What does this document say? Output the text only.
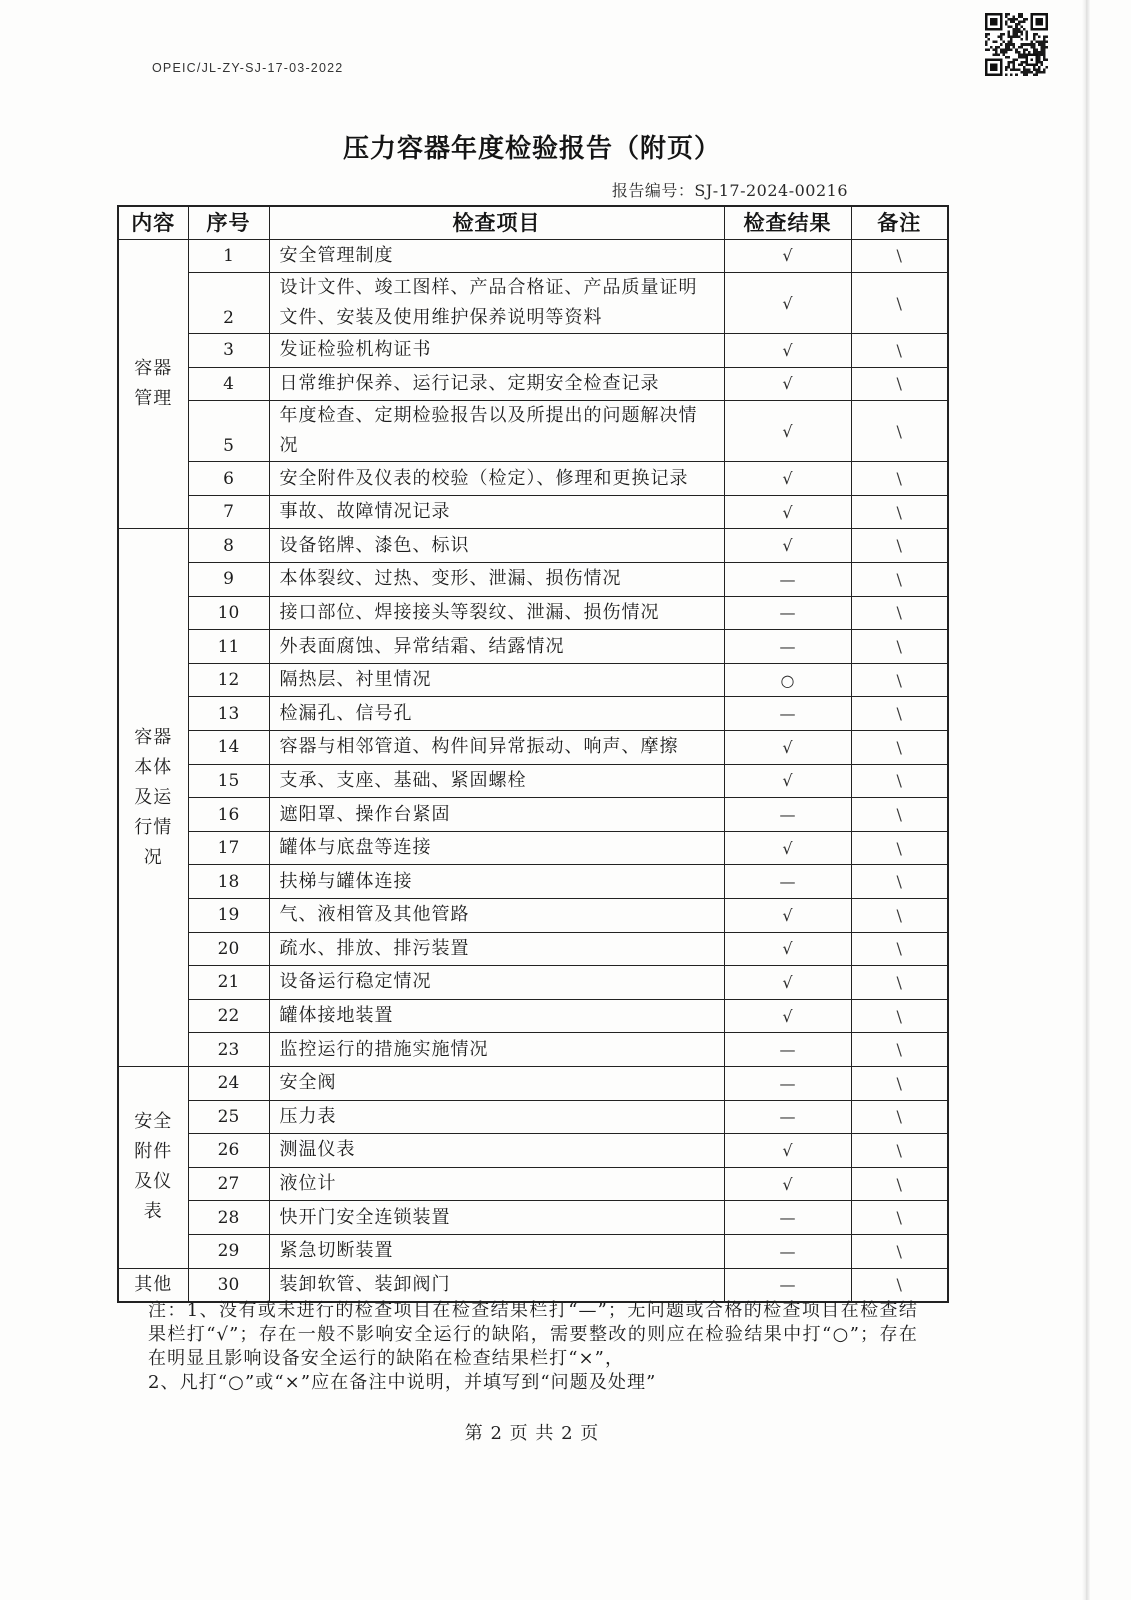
OPEIC/JL-ZY-SJ-17-03-2022
压力容器年度检验报告（附页）
报告编号：SJ-17-2024-00216
内容	序号	检查项目	检查结果	备注
容器管理	1	安全管理制度	√	\
	2	设计文件、竣工图样、产品合格证、产品质量证明文件、安装及使用维护保养说明等资料	√	\
	3	发证检验机构证书	√	\
	4	日常维护保养、运行记录、定期安全检查记录	√	\
	5	年度检查、定期检验报告以及所提出的问题解决情况	√	\
	6	安全附件及仪表的校验（检定）、修理和更换记录	√	\
	7	事故、故障情况记录	√	\
容器本体及运行情况	8	设备铭牌、漆色、标识	√	\
	9	本体裂纹、过热、变形、泄漏、损伤情况	—	\
	10	接口部位、焊接接头等裂纹、泄漏、损伤情况	—	\
	11	外表面腐蚀、异常结霜、结露情况	—	\
	12	隔热层、衬里情况	○	\
	13	检漏孔、信号孔	—	\
	14	容器与相邻管道、构件间异常振动、响声、摩擦	√	\
	15	支承、支座、基础、紧固螺栓	√	\
	16	遮阳罩、操作台紧固	—	\
	17	罐体与底盘等连接	√	\
	18	扶梯与罐体连接	—	\
	19	气、液相管及其他管路	√	\
	20	疏水、排放、排污装置	√	\
	21	设备运行稳定情况	√	\
	22	罐体接地装置	√	\
	23	监控运行的措施实施情况	—	\
安全附件及仪表	24	安全阀	—	\
	25	压力表	—	\
	26	测温仪表	√	\
	27	液位计	√	\
	28	快开门安全连锁装置	—	\
	29	紧急切断装置	—	\
其他	30	装卸软管、装卸阀门	—	\

注：1、没有或未进行的检查项目在检查结果栏打“—”；无问题或合格的检查项目在检查结果栏打“√”；存在一般不影响安全运行的缺陷，需要整改的则应在检验结果中打“○”；存在在明显且影响设备安全运行的缺陷在检查结果栏打“×”，

2、凡打“○”或“×”应在备注中说明，并填写到“问题及处理”

第 2 页 共 2 页
